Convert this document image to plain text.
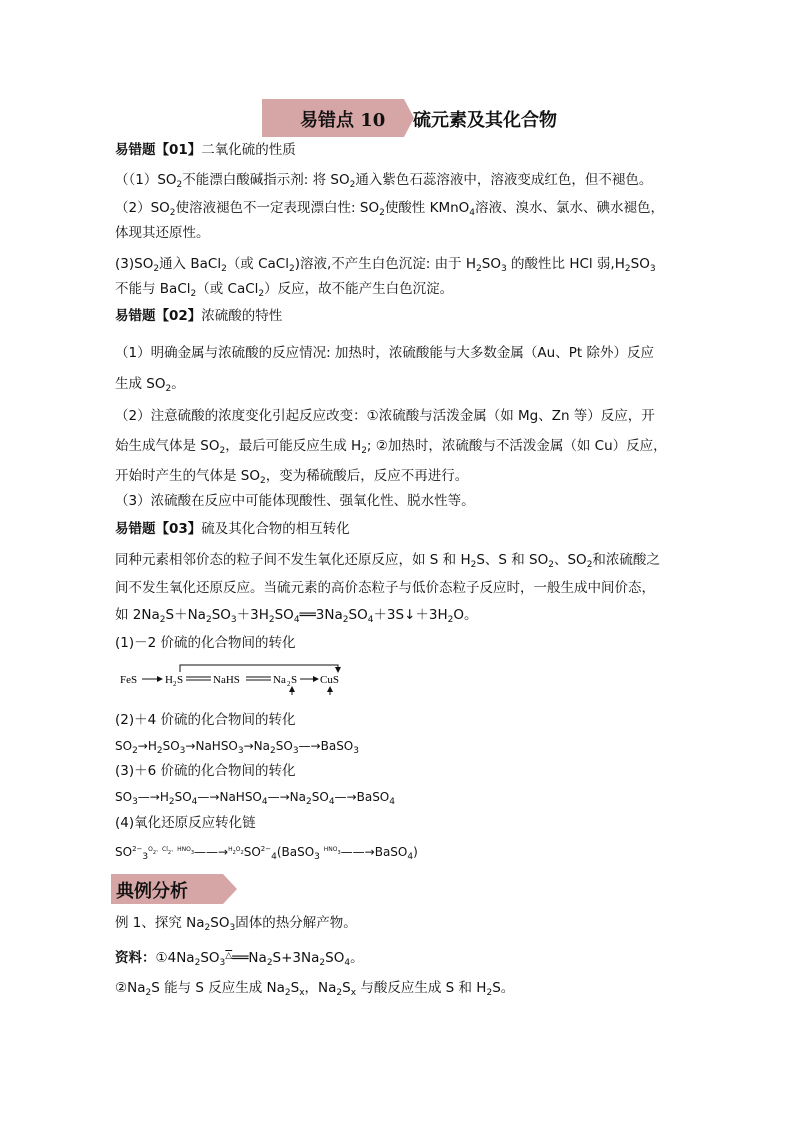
易错点 10 硫元素及其化合物
易错题【01】二氧化硫的性质
（$(1)SO_2$不能漂白酸碱指示剂: 将 $SO_2$通入紫色石蕊溶液中，溶液变成红色，但不褪色。
$(2)SO_2$使溶液褪色不一定表现漂白性: $SO_2$使酸性 KMnO$_4$溶液、溴水、氯水、碘水褪色，
体现其还原性。
$(3)SO_2$通入 BaCl$_2$（或 CaCl$_2$)溶液,不产生白色沉淀: 由于 $H_2SO_3$ 的酸性比 HCl 弱$,H_2SO_3$
不能与 BaCl$_2$（或 CaCl$_2$）反应，故不能产生白色沉淀。
易错题【02】浓硫酸的特性
（1）明确金属与浓硫酸的反应情况: 加热时，浓硫酸能与大多数金属（Au、Pt 除外）反应
生成 $SO_2$。
（2）注意硫酸的浓度变化引起反应改变：①浓硫酸与活泼金属（如 Mg、Zn 等）反应，开
始生成气体是 $SO_2$，最后可能反应生成 $H_2$; ②加热时，浓硫酸与不活泼金属（如 Cu）反应，
开始时产生的气体是 $SO_2$，变为稀硫酸后，反应不再进行。
（3）浓硫酸在反应中可能体现酸性、强氧化性、脱水性等。
易错题【03】硫及其化合物的相互转化
同种元素相邻价态的粒子间不发生氧化还原反应，如 S 和 $H_2S$、S 和 $SO_2$、$SO_2$和浓硫酸之
间不发生氧化还原反应。当硫元素的高价态粒子与低价态粒子反应时，一般生成中间价态，
如 $2Na_2S+Na_2SO_3+3H_2SO_4══3Na_2SO_4+3S↓+3H_2O$。
(1)－2 价硫的化合物间的转化
FeS	H 2 S	NaHS	Na 2 S CuS
(2)＋4 价硫的化合物间的转化
$SO_2\to H_2SO_3\to NaHSO_3\to Na_2SO_3—\to BaSO_3$
(3)＋6 价硫的化合物间的转化
$SO_3—\to H_2SO_4—\to NaHSO_4—\to Na_2SO_4—\to BaSO_4$
(4)氧化还原反应转化链
$SO^{2-}_3^{O_2、Cl_2、HNO_3}——\to^{H_2O_2}SO^{2-}_4(BaSO_3$ $^{HNO_3}$——→BaSO$_4$)
典例分析
例 1、探究 $Na_2SO_3$固体的热分解产物。
资料：$①4Na_2SO_3\triangle══Na_2S+3Na_2SO_4$。
$②Na_2S$ 能与 S 反应生成 $Na_2S_x$，$Na_2S_x$ 与酸反应生成 S 和 $H_2S$。
